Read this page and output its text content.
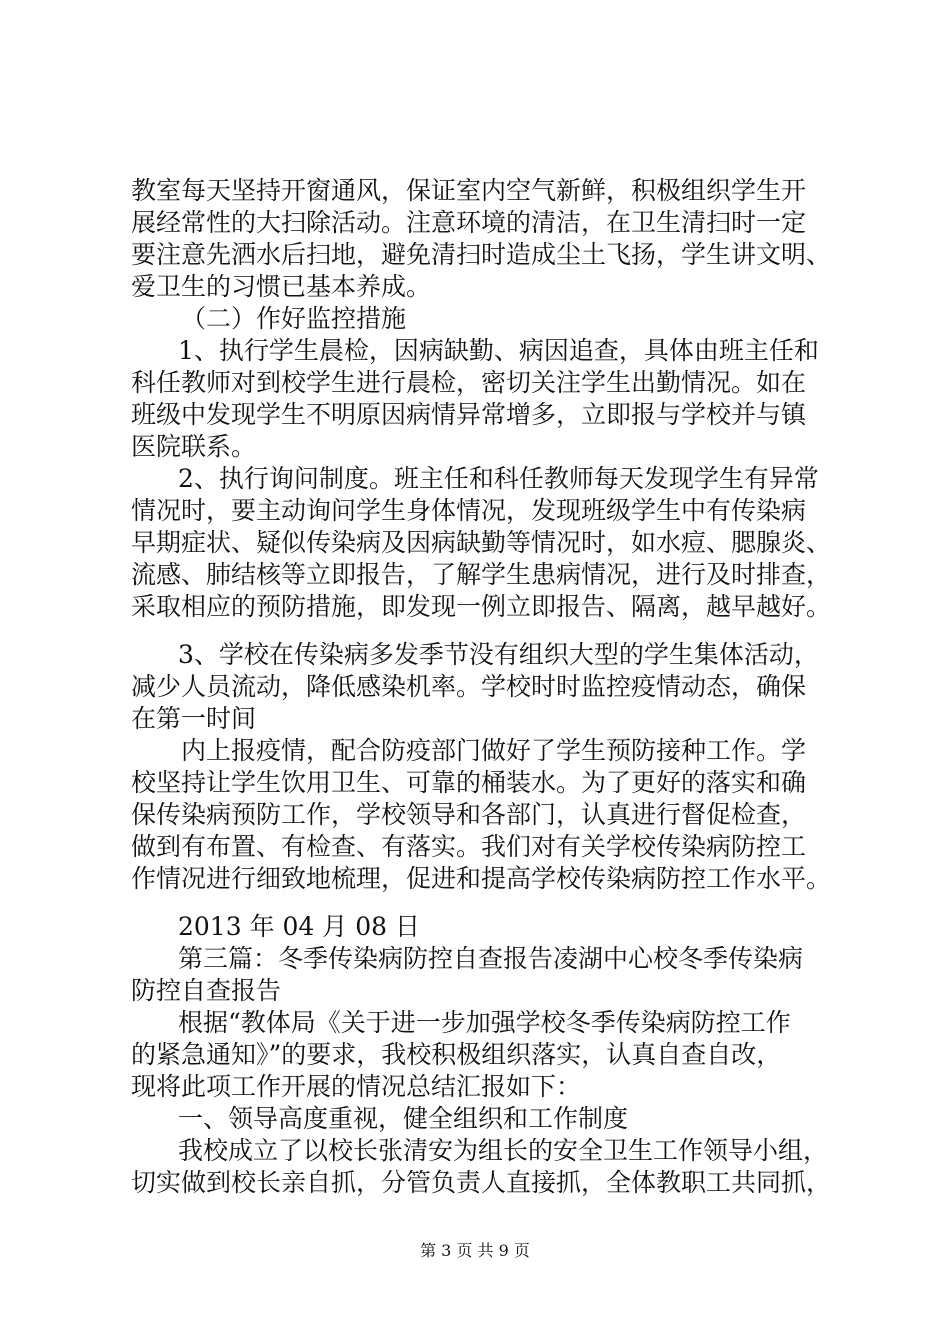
教室每天坚持开窗通风，保证室内空气新鲜，积极组织学生开
展经常性的大扫除活动。注意环境的清洁，在卫生清扫时一定
要注意先洒水后扫地，避免清扫时造成尘土飞扬，学生讲文明、
爱卫生的习惯已基本养成。
（二）作好监控措施
1、执行学生晨检，因病缺勤、病因追查，具体由班主任和
科任教师对到校学生进行晨检，密切关注学生出勤情况。如在
班级中发现学生不明原因病情异常增多，立即报与学校并与镇
医院联系。
2、执行询问制度。班主任和科任教师每天发现学生有异常
情况时，要主动询问学生身体情况，发现班级学生中有传染病
早期症状、疑似传染病及因病缺勤等情况时，如水痘、腮腺炎、
流感、肺结核等立即报告，了解学生患病情况，进行及时排查，
采取相应的预防措施，即发现一例立即报告、隔离，越早越好。
3、学校在传染病多发季节没有组织大型的学生集体活动，
减少人员流动，降低感染机率。学校时时监控疫情动态，确保
在第一时间
内上报疫情，配合防疫部门做好了学生预防接种工作。学
校坚持让学生饮用卫生、可靠的桶装水。为了更好的落实和确
保传染病预防工作，学校领导和各部门，认真进行督促检查，
做到有布置、有检查、有落实。我们对有关学校传染病防控工
作情况进行细致地梳理，促进和提高学校传染病防控工作水平。
2013 年 04 月 08 日
第三篇：冬季传染病防控自查报告凌湖中心校冬季传染病
防控自查报告
根据“教体局《关于进一步加强学校冬季传染病防控工作
的紧急通知》”的要求，我校积极组织落实，认真自查自改，
现将此项工作开展的情况总结汇报如下：
一、领导高度重视，健全组织和工作制度
我校成立了以校长张清安为组长的安全卫生工作领导小组，
切实做到校长亲自抓，分管负责人直接抓，全体教职工共同抓，
第 3 页 共 9 页
